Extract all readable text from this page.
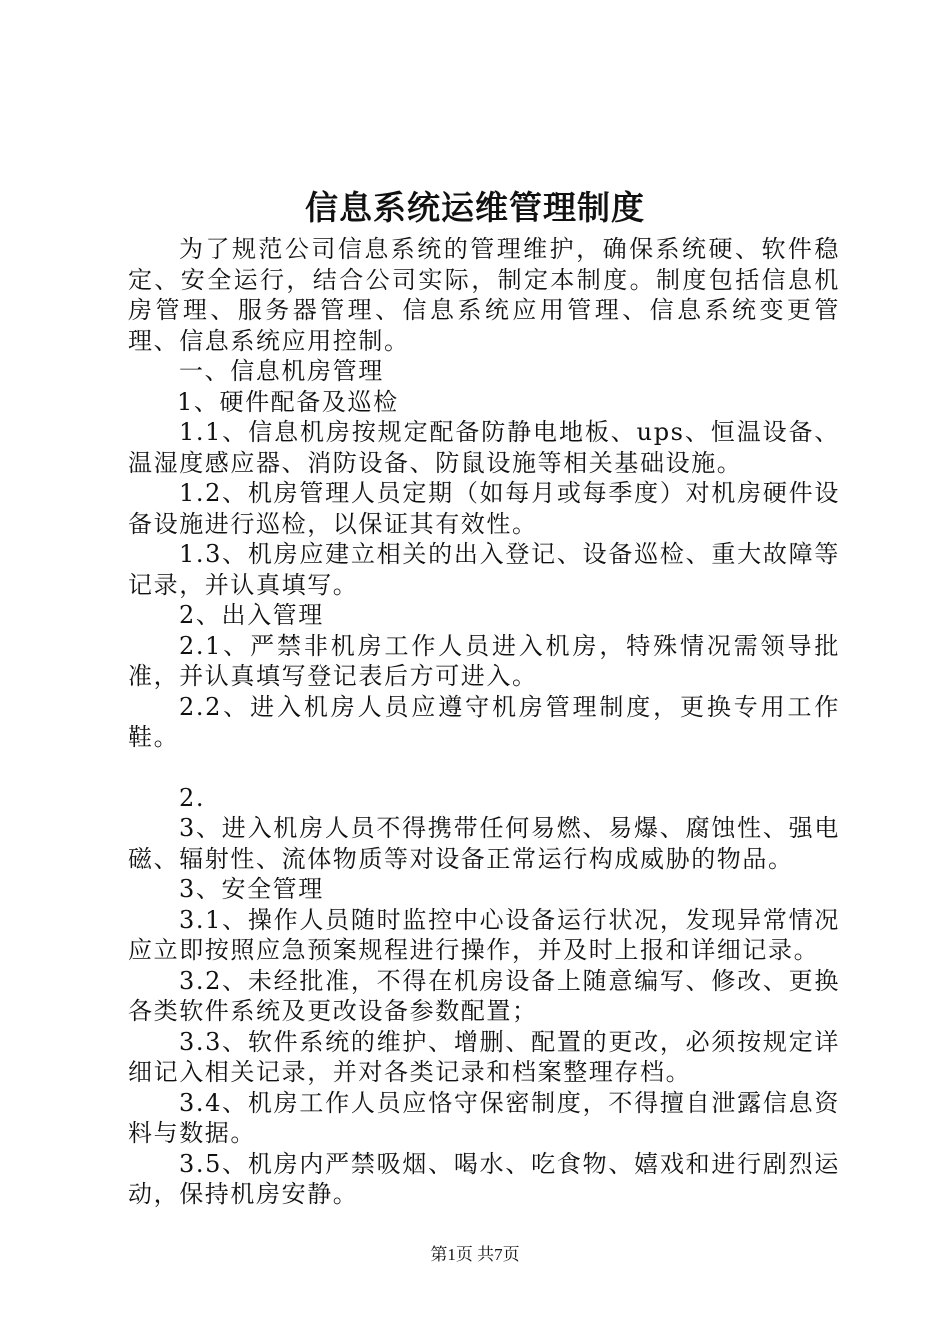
信息系统运维管理制度

为了规范公司信息系统的管理维护，确保系统硬、软件稳定、安全运行，结合公司实际，制定本制度。制度包括信息机房管理、服务器管理、信息系统应用管理、信息系统变更管理、信息系统应用控制。

一、信息机房管理

1、硬件配备及巡检

1.1、信息机房按规定配备防静电地板、ups、恒温设备、温湿度感应器、消防设备、防鼠设施等相关基础设施。

1.2、机房管理人员定期（如每月或每季度）对机房硬件设备设施进行巡检，以保证其有效性。

1.3、机房应建立相关的出入登记、设备巡检、重大故障等记录，并认真填写。

2、出入管理

2.1、严禁非机房工作人员进入机房，特殊情况需领导批准，并认真填写登记表后方可进入。

2.2、进入机房人员应遵守机房管理制度，更换专用工作鞋。

2.

3、进入机房人员不得携带任何易燃、易爆、腐蚀性、强电磁、辐射性、流体物质等对设备正常运行构成威胁的物品。

3、安全管理

3.1、操作人员随时监控中心设备运行状况，发现异常情况应立即按照应急预案规程进行操作，并及时上报和详细记录。

3.2、未经批准，不得在机房设备上随意编写、修改、更换各类软件系统及更改设备参数配置；

3.3、软件系统的维护、增删、配置的更改，必须按规定详细记入相关记录，并对各类记录和档案整理存档。

3.4、机房工作人员应恪守保密制度，不得擅自泄露信息资料与数据。

3.5、机房内严禁吸烟、喝水、吃食物、嬉戏和进行剧烈运动，保持机房安静。

第1页 共7页
